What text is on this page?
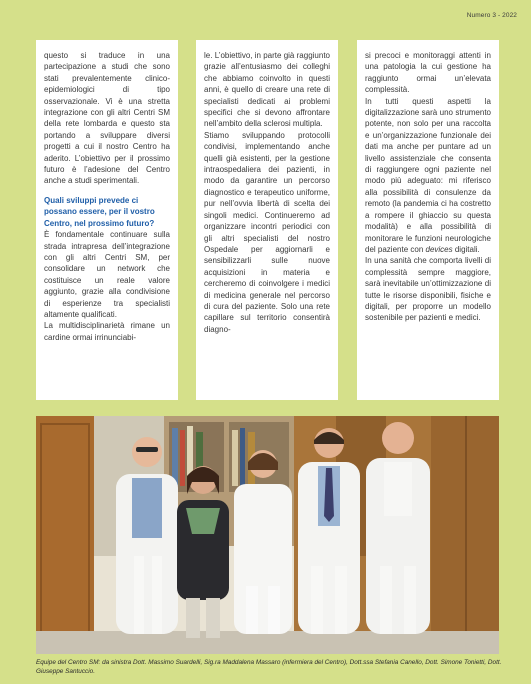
Numero 3 - 2022

questo si traduce in una partecipazione a studi che sono stati prevalentemente clinico-epidemiologici di tipo osservazionale. Vi è una stretta integrazione con gli altri Centri SM della rete lombarda e questo sta portando a sviluppare diversi progetti a cui il nostro Centro ha aderito. L’obiettivo per il prossimo futuro è l’adesione del Centro anche a studi sperimentali.

Quali sviluppi prevede ci possano essere, per il vostro Centro, nel prossimo futuro?

È fondamentale continuare sulla strada intrapresa dell’integrazione con gli altri Centri SM, per consolidare un network che costituisce un reale valore aggiunto, grazie alla condivisione di esperienze tra specialisti altamente qualificati.

La multidisciplinarietà rimane un cardine ormai irrinunciabi-

le. L’obiettivo, in parte già raggiunto grazie all’entusiasmo dei colleghi che abbiamo coinvolto in questi anni, è quello di creare una rete di specialisti dedicati ai problemi specifici che si devono affrontare nell’ambito della sclerosi multipla.

Stiamo sviluppando protocolli condivisi, implementando anche quelli già esistenti, per la gestione intraospedaliera dei pazienti, in modo da garantire un percorso diagnostico e terapeutico uniforme, pur nell’ovvia libertà di scelta dei singoli medici. Continueremo ad organizzare incontri periodici con gli altri specialisti del nostro Ospedale per aggiornarli e sensibilizzarli sulle nuove acquisizioni in materia e cercheremo di coinvolgere i medici di medicina generale nel percorso di cura del paziente. Solo una rete capillare sul territorio consentirà diagno-

si precoci e monitoraggi attenti in una patologia la cui gestione ha raggiunto ormai un’elevata complessità.

In tutti questi aspetti la digitalizzazione sarà uno strumento potente, non solo per una raccolta e un’organizzazione funzionale dei dati ma anche per puntare ad un livello assistenziale che consenta di raggiungere ogni paziente nel modo più adeguato: mi riferisco alla possibilità di consulenze da remoto (la pandemia ci ha costretto a rompere il ghiaccio su questa modalità) e alla possibilità di monitorare le funzioni neurologiche del paziente con devices digitali.

In una sanità che comporta livelli di complessità sempre maggiore, sarà inevitabile un’ottimizzazione di tutte le risorse disponibili, fisiche e digitali, per proporre un modello sostenibile per pazienti e medici.

Equipe del Centro SM: da sinistra Dott. Massimo Suardelli, Sig.ra Maddalena Massaro (infermiera del Centro), Dott.ssa Stefania Canello, Dott. Simone Tonietti, Dott. Giuseppe Santuccio.
